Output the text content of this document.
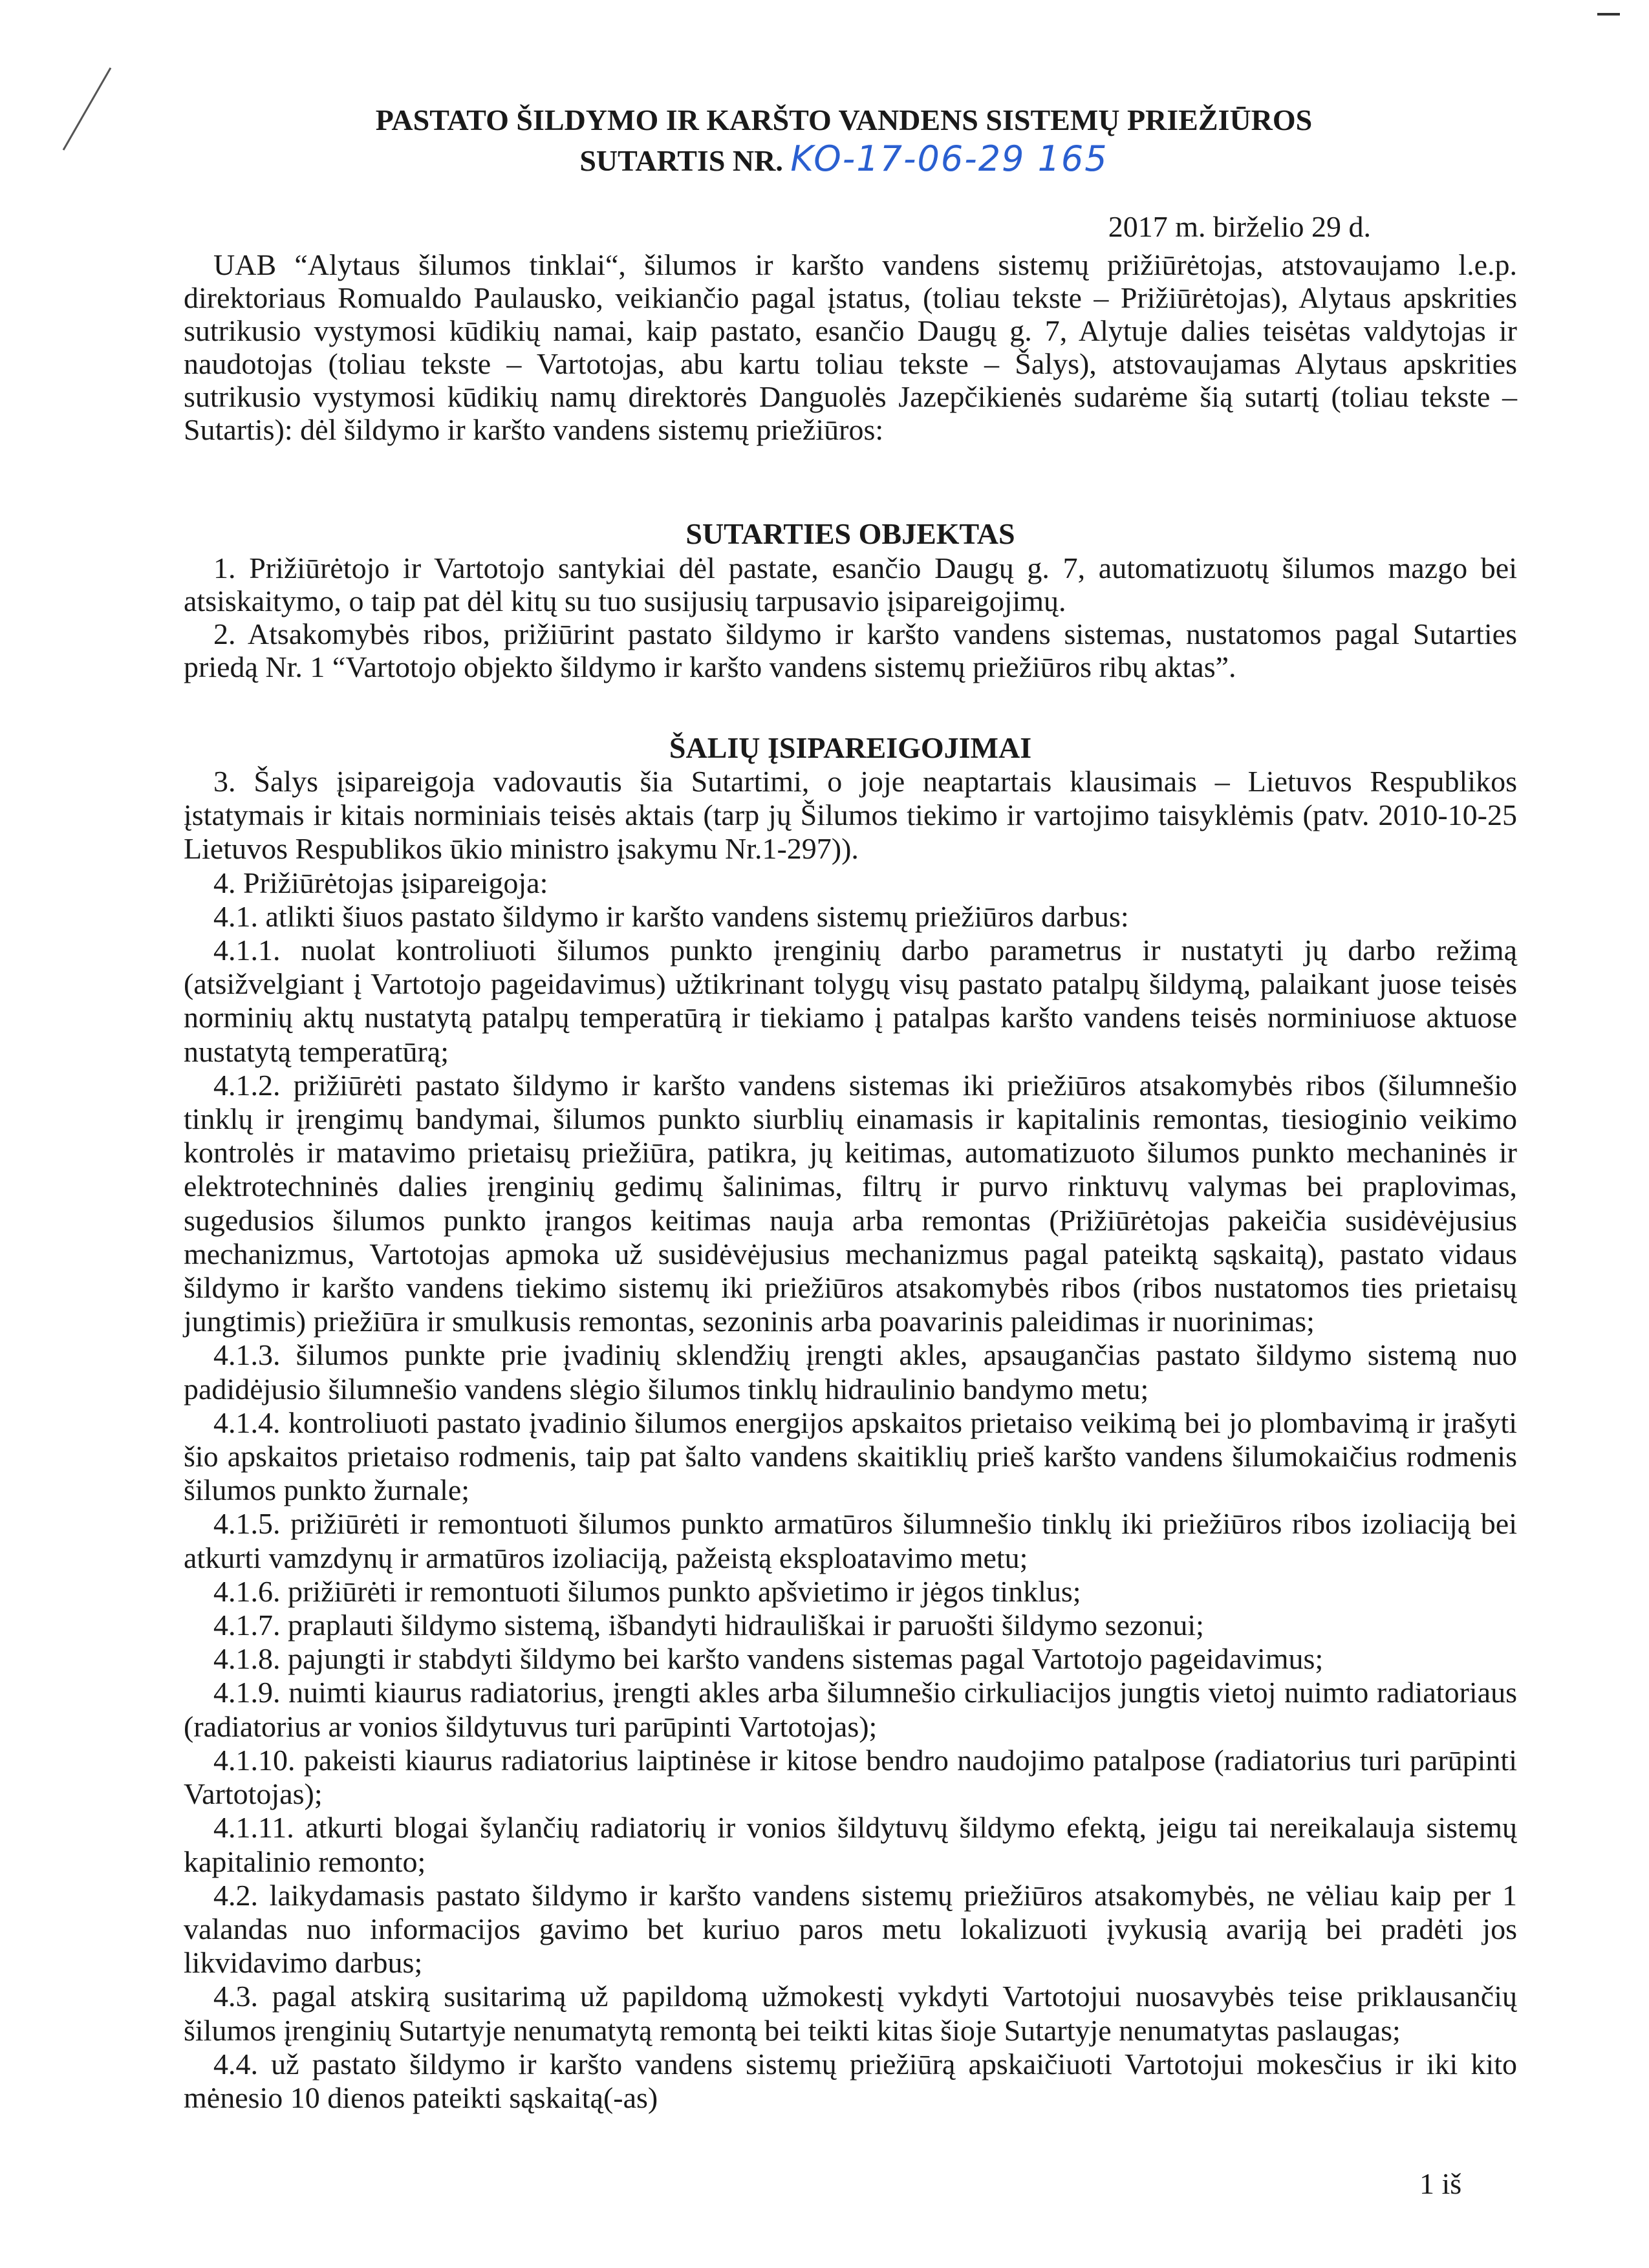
PASTATO ŠILDYMO IR KARŠTO VANDENS SISTEMŲ PRIEŽIŪROS
SUTARTIS NR. KO-17-06-29 165
2017 m. birželio 29 d.

UAB “Alytaus šilumos tinklai“, šilumos ir karšto vandens sistemų prižiūrėtojas, atstovaujamo l.e.p. direktoriaus Romualdo Paulausko, veikiančio pagal įstatus, (toliau tekste – Prižiūrėtojas), Alytaus apskrities sutrikusio vystymosi kūdikių namai, kaip pastato, esančio Daugų g. 7, Alytuje dalies teisėtas valdytojas ir naudotojas (toliau tekste – Vartotojas, abu kartu toliau tekste – Šalys), atstovaujamas Alytaus apskrities sutrikusio vystymosi kūdikių namų direktorės Danguolės Jazepčikienės sudarėme šią sutartį (toliau tekste – Sutartis): dėl šildymo ir karšto vandens sistemų priežiūros:

SUTARTIES OBJEKTAS

1. Prižiūrėtojo ir Vartotojo santykiai dėl pastate, esančio Daugų g. 7, automatizuotų šilumos mazgo bei atsiskaitymo, o taip pat dėl kitų su tuo susijusių tarpusavio įsipareigojimų.

2. Atsakomybės ribos, prižiūrint pastato šildymo ir karšto vandens sistemas, nustatomos pagal Sutarties priedą Nr. 1 “Vartotojo objekto šildymo ir karšto vandens sistemų priežiūros ribų aktas”.

ŠALIŲ ĮSIPAREIGOJIMAI

3. Šalys įsipareigoja vadovautis šia Sutartimi, o joje neaptartais klausimais – Lietuvos Respublikos įstatymais ir kitais norminiais teisės aktais (tarp jų Šilumos tiekimo ir vartojimo taisyklėmis (patv. 2010-10-25 Lietuvos Respublikos ūkio ministro įsakymu Nr.1-297)).

4. Prižiūrėtojas įsipareigoja:

4.1. atlikti šiuos pastato šildymo ir karšto vandens sistemų priežiūros darbus:

4.1.1. nuolat kontroliuoti šilumos punkto įrenginių darbo parametrus ir nustatyti jų darbo režimą (atsižvelgiant į Vartotojo pageidavimus) užtikrinant tolygų visų pastato patalpų šildymą, palaikant juose teisės norminių aktų nustatytą patalpų temperatūrą ir tiekiamo į patalpas karšto vandens teisės norminiuose aktuose nustatytą temperatūrą;

4.1.2. prižiūrėti pastato šildymo ir karšto vandens sistemas iki priežiūros atsakomybės ribos (šilumnešio tinklų ir įrengimų bandymai, šilumos punkto siurblių einamasis ir kapitalinis remontas, tiesioginio veikimo kontrolės ir matavimo prietaisų priežiūra, patikra, jų keitimas, automatizuoto šilumos punkto mechaninės ir elektrotechninės dalies įrenginių gedimų šalinimas, filtrų ir purvo rinktuvų valymas bei praplovimas, sugedusios šilumos punkto įrangos keitimas nauja arba remontas (Prižiūrėtojas pakeičia susidėvėjusius mechanizmus, Vartotojas apmoka už susidėvėjusius mechanizmus pagal pateiktą sąskaitą), pastato vidaus šildymo ir karšto vandens tiekimo sistemų iki priežiūros atsakomybės ribos (ribos nustatomos ties prietaisų jungtimis) priežiūra ir smulkusis remontas, sezoninis arba poavarinis paleidimas ir nuorinimas;

4.1.3. šilumos punkte prie įvadinių sklendžių įrengti akles, apsaugančias pastato šildymo sistemą nuo padidėjusio šilumnešio vandens slėgio šilumos tinklų hidraulinio bandymo metu;

4.1.4. kontroliuoti pastato įvadinio šilumos energijos apskaitos prietaiso veikimą bei jo plombavimą ir įrašyti šio apskaitos prietaiso rodmenis, taip pat šalto vandens skaitiklių prieš karšto vandens šilumokaičius rodmenis šilumos punkto žurnale;

4.1.5. prižiūrėti ir remontuoti šilumos punkto armatūros šilumnešio tinklų iki priežiūros ribos izoliaciją bei atkurti vamzdynų ir armatūros izoliaciją, pažeistą eksploatavimo metu;

4.1.6. prižiūrėti ir remontuoti šilumos punkto apšvietimo ir jėgos tinklus;

4.1.7. praplauti šildymo sistemą, išbandyti hidrauliškai ir paruošti šildymo sezonui;

4.1.8. pajungti ir stabdyti šildymo bei karšto vandens sistemas pagal Vartotojo pageidavimus;

4.1.9. nuimti kiaurus radiatorius, įrengti akles arba šilumnešio cirkuliacijos jungtis vietoj nuimto radiatoriaus (radiatorius ar vonios šildytuvus turi parūpinti Vartotojas);

4.1.10. pakeisti kiaurus radiatorius laiptinėse ir kitose bendro naudojimo patalpose (radiatorius turi parūpinti Vartotojas);

4.1.11. atkurti blogai šylančių radiatorių ir vonios šildytuvų šildymo efektą, jeigu tai nereikalauja sistemų kapitalinio remonto;

4.2. laikydamasis pastato šildymo ir karšto vandens sistemų priežiūros atsakomybės, ne vėliau kaip per 1 valandas nuo informacijos gavimo bet kuriuo paros metu lokalizuoti įvykusią avariją bei pradėti jos likvidavimo darbus;

4.3. pagal atskirą susitarimą už papildomą užmokestį vykdyti Vartotojui nuosavybės teise priklausančių šilumos įrenginių Sutartyje nenumatytą remontą bei teikti kitas šioje Sutartyje nenumatytas paslaugas;

4.4. už pastato šildymo ir karšto vandens sistemų priežiūrą apskaičiuoti Vartotojui mokesčius ir iki kito mėnesio 10 dienos pateikti sąskaitą(-as)

1 iš
